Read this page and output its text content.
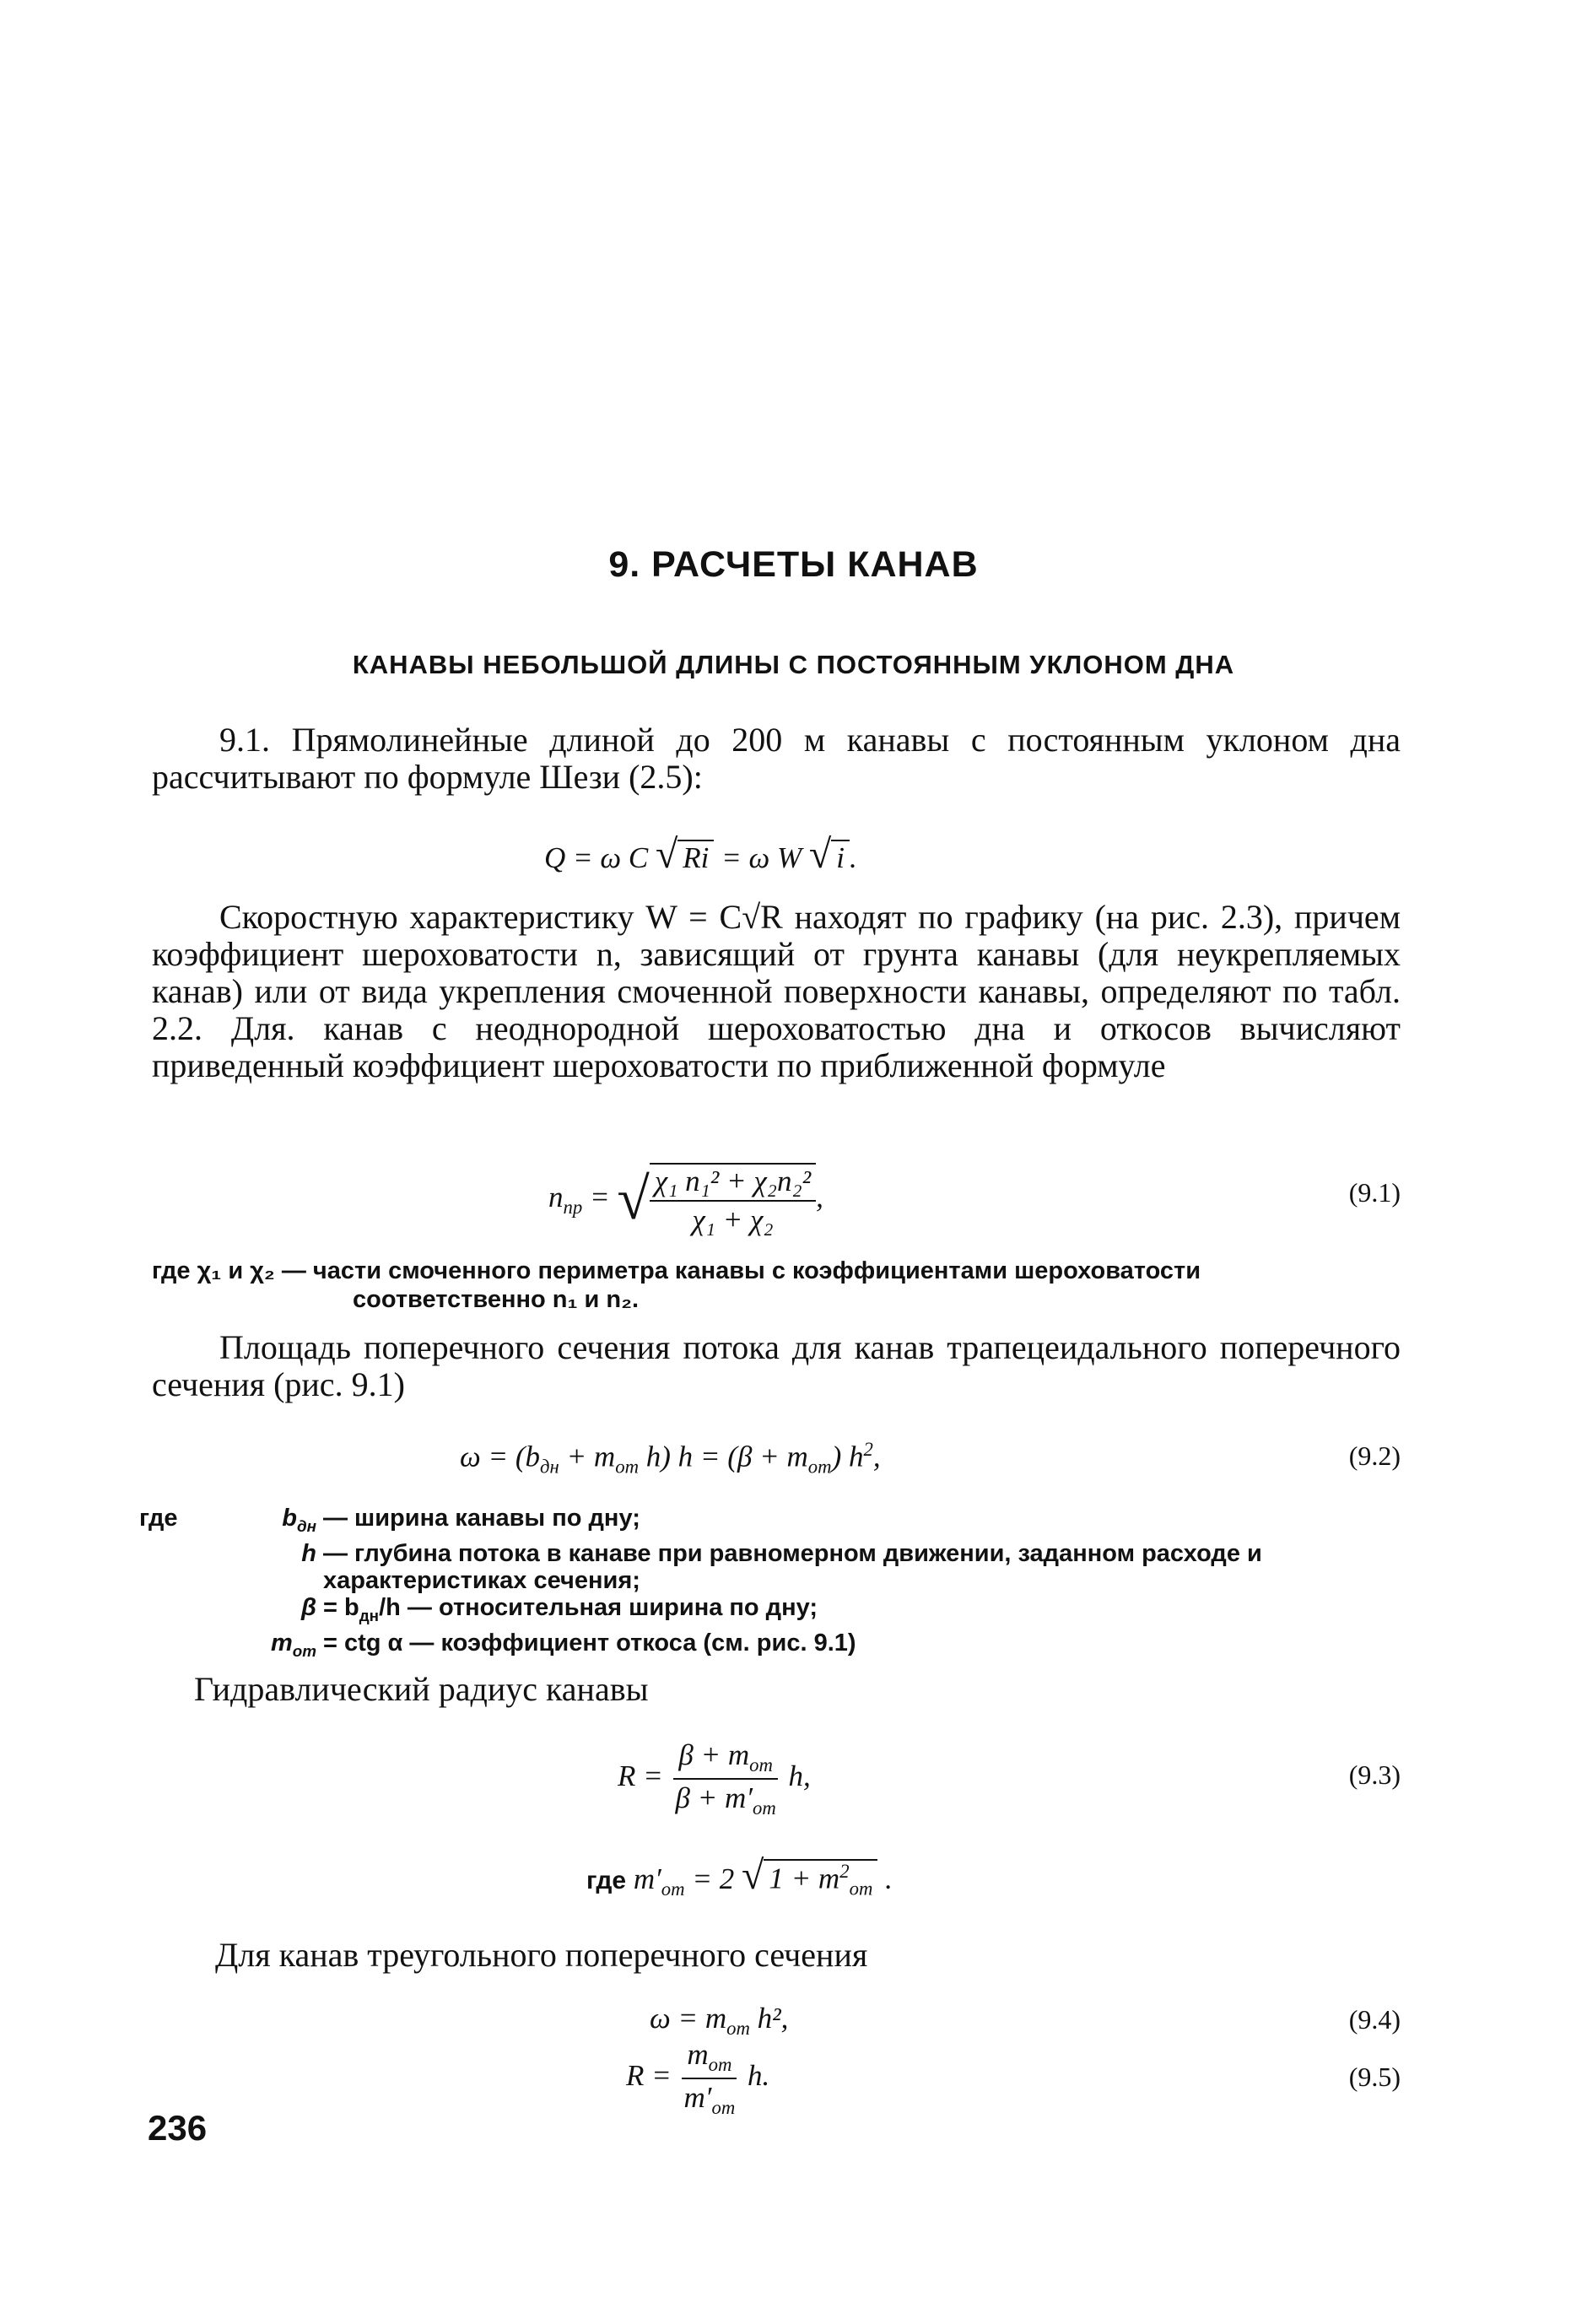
9. РАСЧЕТЫ КАНАВ
КАНАВЫ НЕБОЛЬШОЙ ДЛИНЫ С ПОСТОЯННЫМ УКЛОНОМ ДНА
9.1. Прямолинейные длиной до 200 м канавы с постоянным уклоном дна рассчитывают по формуле Шези (2.5):
Q = ω C √ Ri = ω W √ i .
Скоростную характеристику W = C√R находят по графику (на рис. 2.3), причем коэффициент шероховатости n, зависящий от грунта канавы (для неукрепляемых канав) или от вида укрепления смоченной поверхности канавы, определяют по табл. 2.2. Для. канав с неоднородной шероховатостью дна и откосов вычисляют приведенный коэффициент шероховатости по приближенной формуле
$n_{пр}$ = √ $\frac{\text{χ₁ n₁² + χ₂n₂²}}{\text{χ₁ + χ₂}}$ ,	(9.1)
где χ₁ и χ₂ — части смоченного периметра канавы с коэффициентами шероховатости
соответственно n₁ и n₂.
Площадь поперечного сечения потока для канав трапецеидального поперечного сечения (рис. 9.1)
$\omega = (b_{дн} + m_{от}$ h) $h = (\beta + m_{от})$ $h^2$,	(9.2)
где	$b_{дн}$ — ширина канавы по дну;
h — глубина потока в канаве при равномерном движении, заданном расходе и характеристиках сечения;
$\beta = b_{дн}/h$ — относительная ширина по дну;
$m_{от}$ = ctg α — коэффициент откоса (см. рис. 9.1)
Гидравлический радиус канавы
$R = \frac{\beta + m_{от}}{\beta + m'_{от}} h$,	(9.3)
где $m'_{от} = 2$ √ $1 + m^2_{от}$ .
Для канав треугольного поперечного сечения
$\omega = m_{от}$ h²,	(9.4)
$R = \frac{m_{от}}{m'_{от}} h$.	(9.5)
236
